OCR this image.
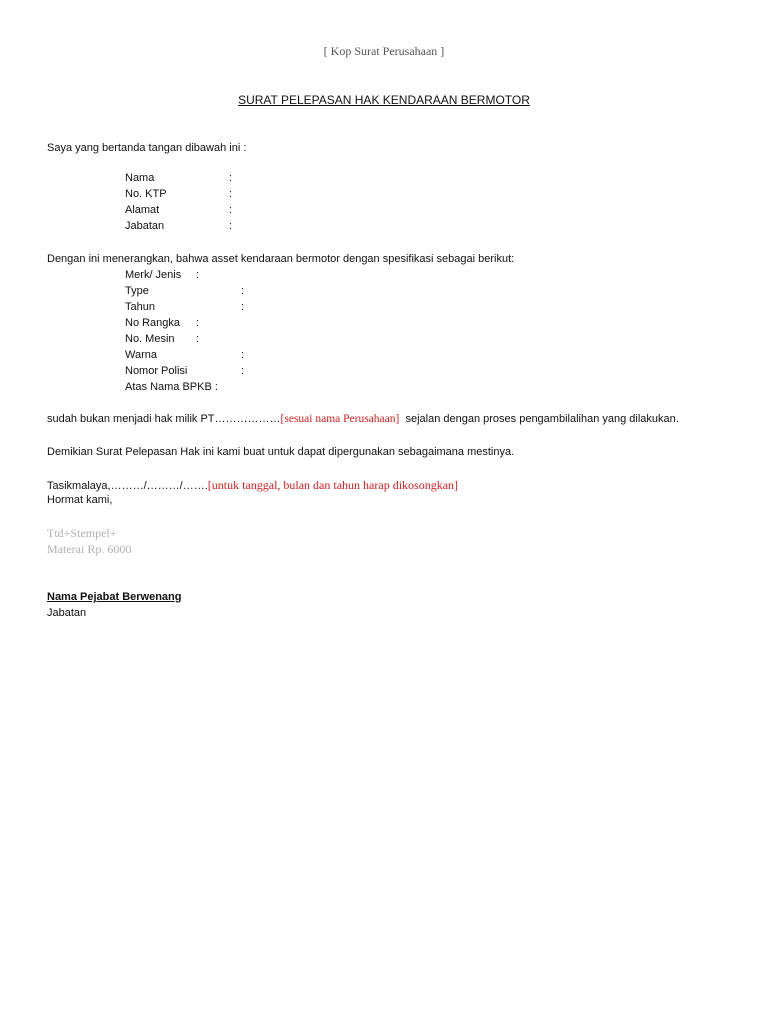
[ Kop Surat Perusahaan ]
SURAT PELEPASAN HAK KENDARAAN BERMOTOR
Saya yang bertanda tangan dibawah ini :
Nama	:
No. KTP	:
Alamat	:
Jabatan	:
Dengan ini menerangkan, bahwa asset kendaraan bermotor dengan spesifikasi sebagai berikut:
Merk/ Jenis :
Type	:
Tahun	:
No Rangka :
No. Mesin :
Warna	:
Nomor Polisi	:
Atas Nama BPKB :
sudah bukan menjadi hak milik PT………………[sesuai nama Perusahaan] sejalan dengan proses pengambilalihan yang dilakukan.
Demikian Surat Pelepasan Hak ini kami buat untuk dapat dipergunakan sebagaimana mestinya.
Tasikmalaya,………/………/…….[untuk tanggal, bulan dan tahun harap dikosongkan]
Hormat kami,
Ttd+Stempel+
Materai Rp. 6000
Nama Pejabat Berwenang
Jabatan
